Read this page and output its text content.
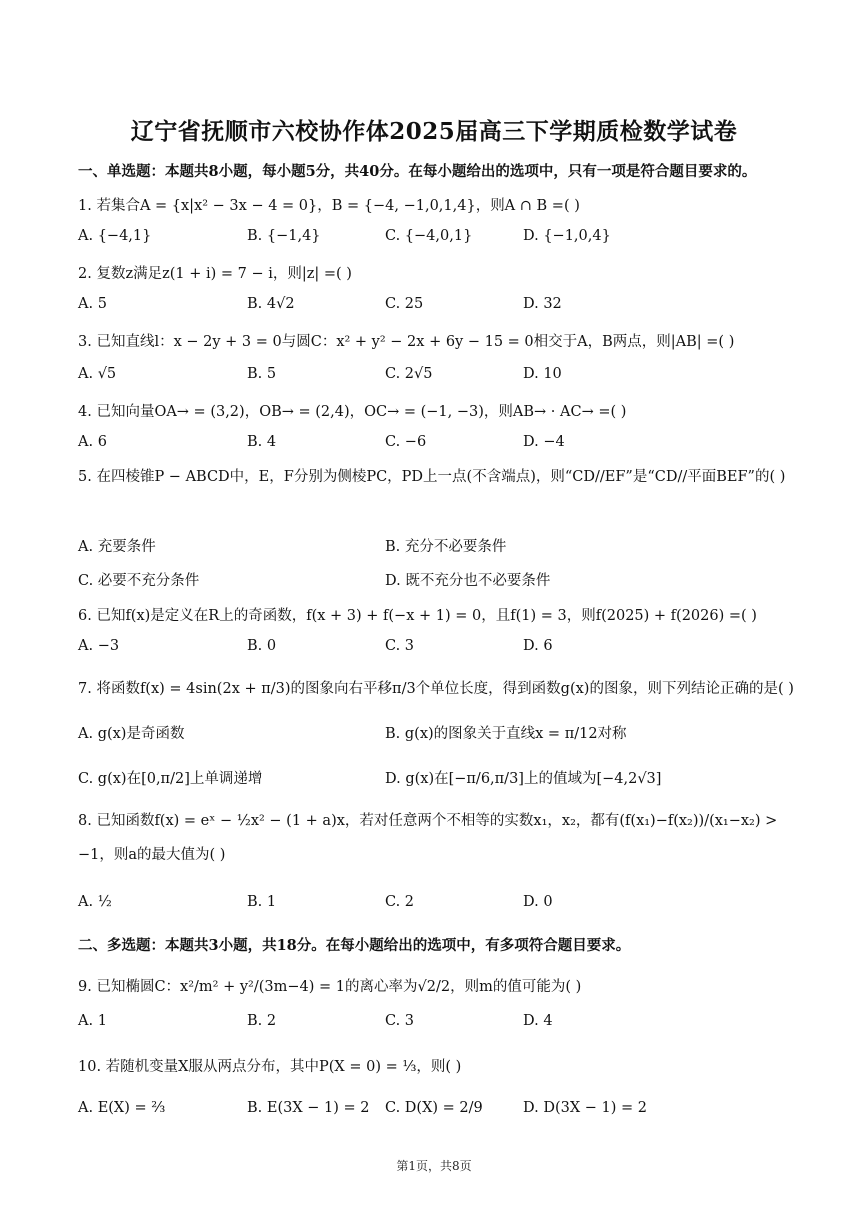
辽宁省抚顺市六校协作体2025届高三下学期质检数学试卷
一、单选题：本题共8小题，每小题5分，共40分。在每小题给出的选项中，只有一项是符合题目要求的。
1. 若集合A = {x|x² − 3x − 4 = 0}，B = {−4, −1,0,1,4}，则A ∩ B =( )
A. {−4,1}	B. {−1,4}	C. {−4,0,1}	D. {−1,0,4}
2. 复数z满足z(1 + i) = 7 − i，则|z| =( )
A. 5	B. 4√2	C. 25	D. 32
3. 已知直线l：x − 2y + 3 = 0与圆C：x² + y² − 2x + 6y − 15 = 0相交于A，B两点，则|AB| =( )
A. √5	B. 5	C. 2√5	D. 10
4. 已知向量OA→ = (3,2)，OB→ = (2,4)，OC→ = (−1, −3)，则AB→ · AC→ =( )
A. 6	B. 4	C. −6	D. −4
5. 在四棱锥P − ABCD中，E，F分别为侧棱PC，PD上一点(不含端点)，则“CD//EF”是“CD//平面BEF”的( )
A. 充要条件	B. 充分不必要条件
C. 必要不充分条件	D. 既不充分也不必要条件
6. 已知f(x)是定义在R上的奇函数，f(x + 3) + f(−x + 1) = 0，且f(1) = 3，则f(2025) + f(2026) =( )
A. −3	B. 0	C. 3	D. 6
7. 将函数f(x) = 4sin(2x + π/3)的图象向右平移π/3个单位长度，得到函数g(x)的图象，则下列结论正确的是( )
A. g(x)是奇函数	B. g(x)的图象关于直线x = π/12对称
C. g(x)在[0,π/2]上单调递增	D. g(x)在[−π/6,π/3]上的值域为[−4,2√3]
8. 已知函数f(x) = eˣ − ½x² − (1 + a)x，若对任意两个不相等的实数x₁，x₂，都有(f(x₁)−f(x₂))/(x₁−x₂) > −1，则a的最大值为( )
A. ½	B. 1	C. 2	D. 0
二、多选题：本题共3小题，共18分。在每小题给出的选项中，有多项符合题目要求。
9. 已知椭圆C：x²/m² + y²/(3m−4) = 1的离心率为√2/2，则m的值可能为( )
A. 1	B. 2	C. 3	D. 4
10. 若随机变量X服从两点分布，其中P(X = 0) = ⅓，则( )
A. E(X) = ⅔	B. E(3X − 1) = 2 C. D(X) = 2/9	D. D(3X − 1) = 2
第1页，共8页
